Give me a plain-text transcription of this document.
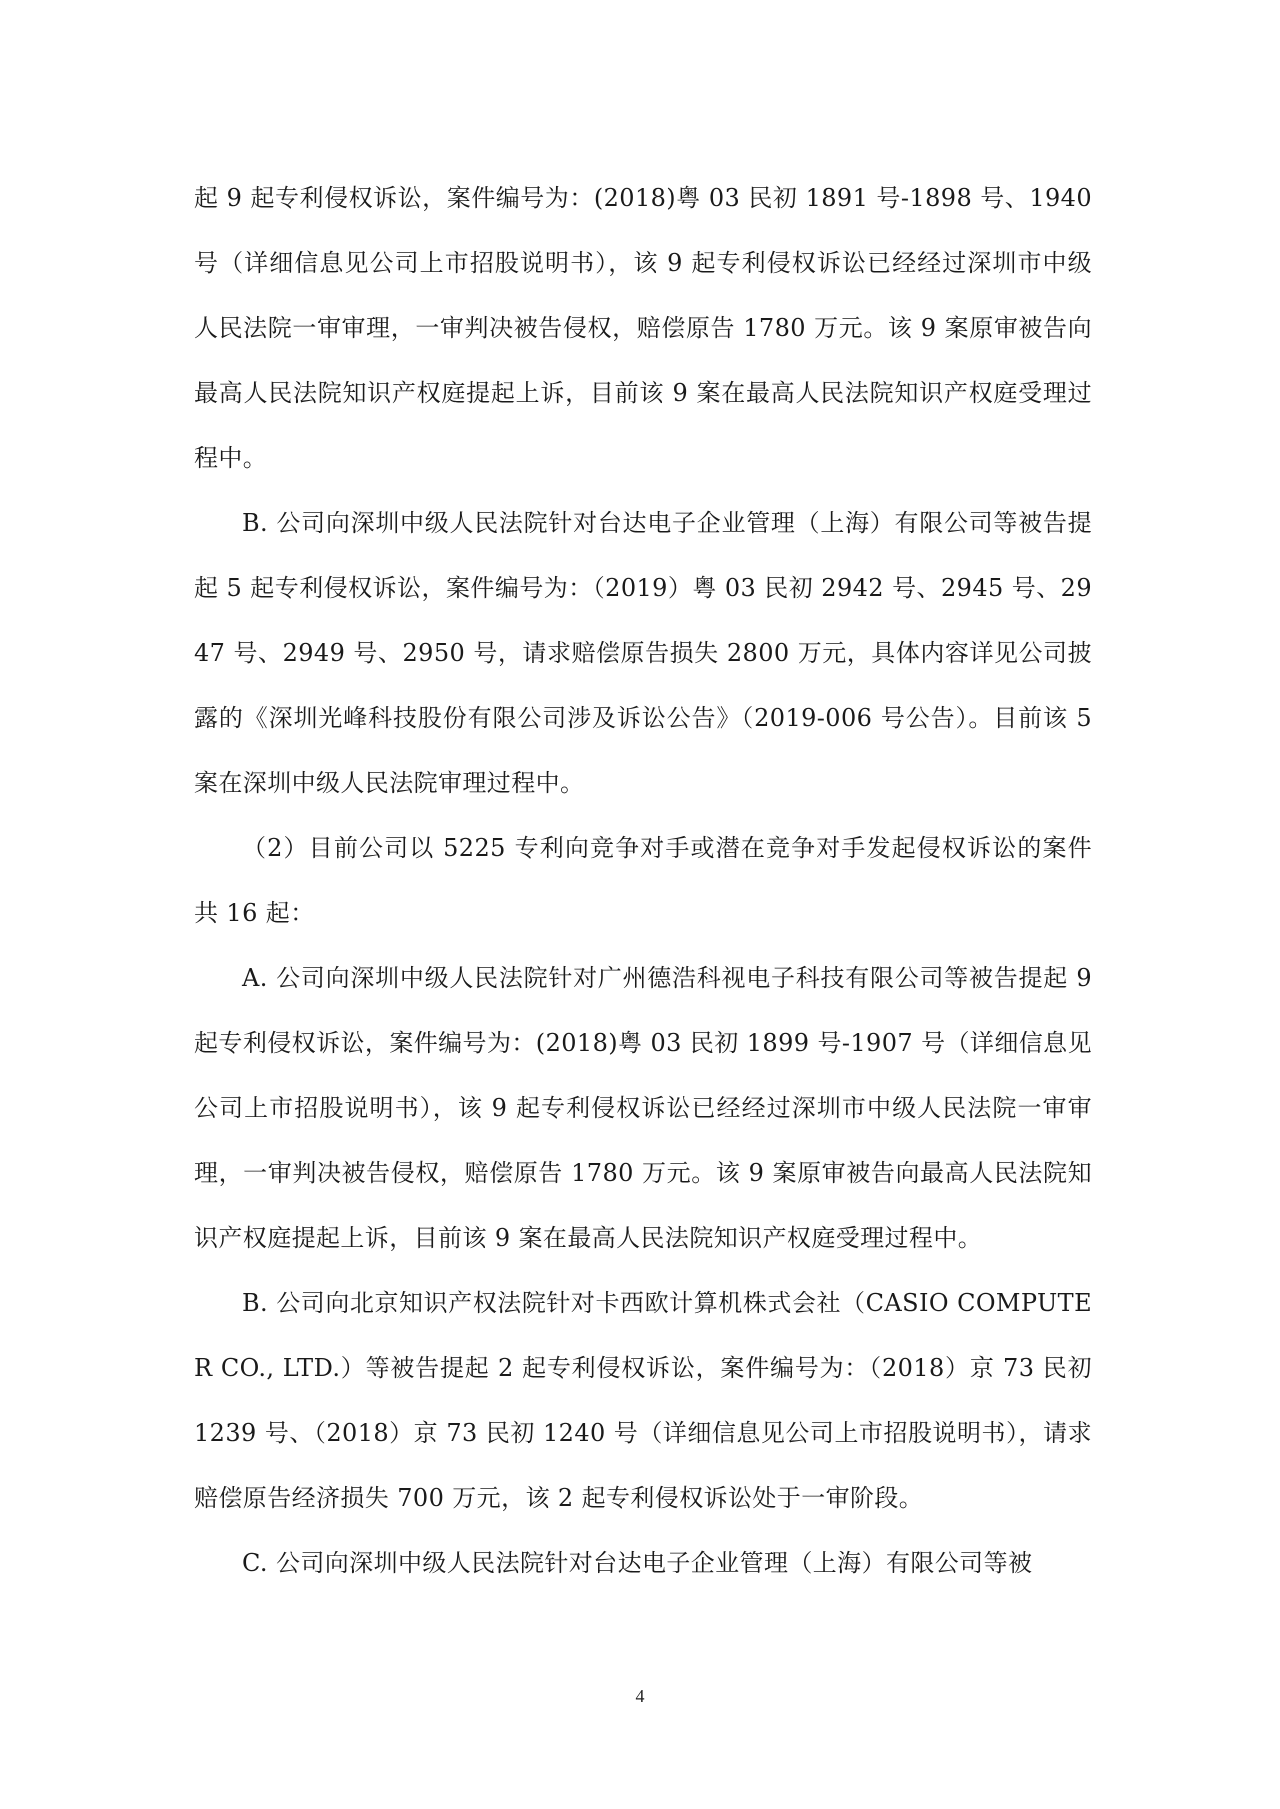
起 9 起专利侵权诉讼，案件编号为：(2018)粤 03 民初 1891 号-1898 号、1940 号（详细信息见公司上市招股说明书），该 9 起专利侵权诉讼已经经过深圳市中级人民法院一审审理，一审判决被告侵权，赔偿原告 1780 万元。该 9 案原审被告向最高人民法院知识产权庭提起上诉，目前该 9 案在最高人民法院知识产权庭受理过程中。

B. 公司向深圳中级人民法院针对台达电子企业管理（上海）有限公司等被告提起 5 起专利侵权诉讼，案件编号为：（2019）粤 03 民初 2942 号、2945 号、2947 号、2949 号、2950 号，请求赔偿原告损失 2800 万元，具体内容详见公司披露的《深圳光峰科技股份有限公司涉及诉讼公告》（2019-006 号公告）。目前该 5 案在深圳中级人民法院审理过程中。

（2）目前公司以 5225 专利向竞争对手或潜在竞争对手发起侵权诉讼的案件共 16 起：

A. 公司向深圳中级人民法院针对广州德浩科视电子科技有限公司等被告提起 9 起专利侵权诉讼，案件编号为：(2018)粤 03 民初 1899 号-1907 号（详细信息见公司上市招股说明书），该 9 起专利侵权诉讼已经经过深圳市中级人民法院一审审理，一审判决被告侵权，赔偿原告 1780 万元。该 9 案原审被告向最高人民法院知识产权庭提起上诉，目前该 9 案在最高人民法院知识产权庭受理过程中。

B. 公司向北京知识产权法院针对卡西欧计算机株式会社（CASIO COMPUTER CO., LTD.）等被告提起 2 起专利侵权诉讼，案件编号为：（2018）京 73 民初 1239 号、（2018）京 73 民初 1240 号（详细信息见公司上市招股说明书），请求赔偿原告经济损失 700 万元，该 2 起专利侵权诉讼处于一审阶段。

C. 公司向深圳中级人民法院针对台达电子企业管理（上海）有限公司等被

4
